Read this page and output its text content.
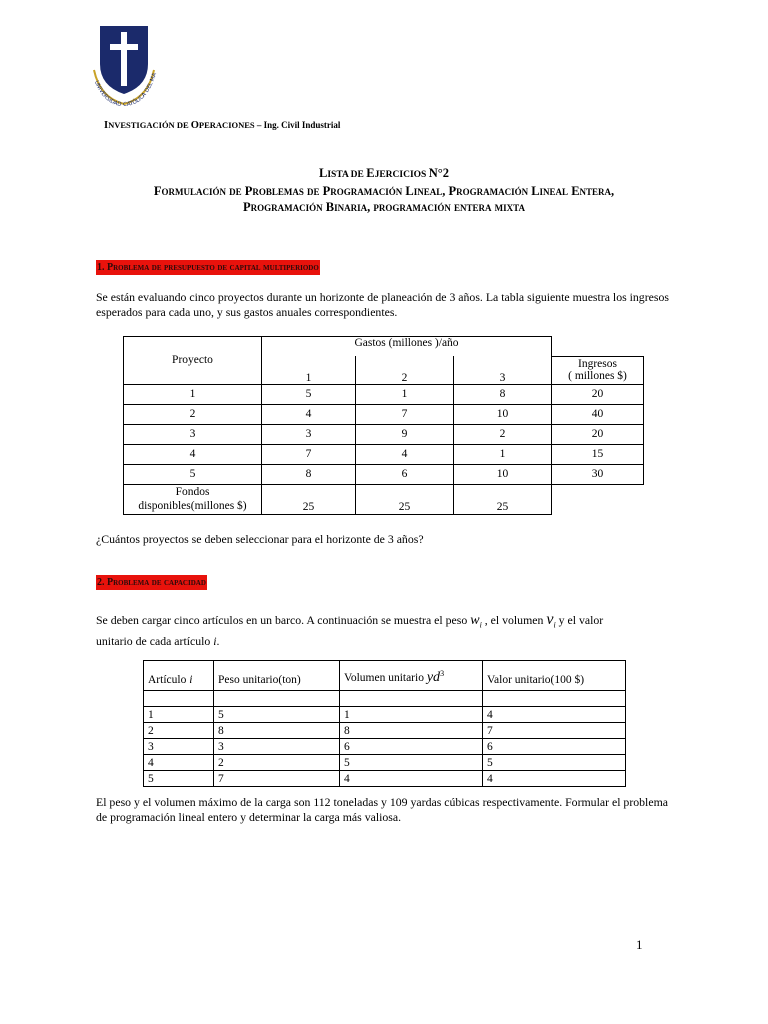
UNIVERSIDAD CATÓLICA DEL MA
INVESTIGACIÓN DE OPERACIONES – Ing. Civil Industrial
LISTA DE EJERCICIOS N°2
Formulación de Problemas de Programación Lineal, Programación Lineal Entera,
Programación Binaria, programación entera mixta
1. Problema de presupuesto de capital multiperiodo
Se están evaluando cinco proyectos durante un horizonte de planeación de 3 años. La tabla siguiente muestra los ingresos esperados para cada uno, y sus gastos anuales correspondientes.
Proyecto	Gastos (millones )/año			
	1	2	3	Ingresos
( millones $)
1	5	1	8	20
2	4	7	10	40
3	3	9	2	20
4	7	4	1	15
5	8	6	10	30
Fondos
disponibles(millones $)	25	25	25	
¿Cuántos proyectos se deben seleccionar para el horizonte de 3 años?
2. Problema de capacidad
Se deben cargar cinco artículos en un barco. A continuación se muestra el peso $w_i$ , el volumen $v_i$ y el valor
unitario de cada artículo i.
Artículo i	Peso unitario(ton)	Volumen unitario $yd^3$	Valor unitario(100 $)

1	5	1	4
2	8	8	7
3	3	6	6
4	2	5	5
5	7	4	4
El peso y el volumen máximo de la carga son 112 toneladas y 109 yardas cúbicas respectivamente. Formular el problema de programación lineal entero y determinar la carga más valiosa.
1
